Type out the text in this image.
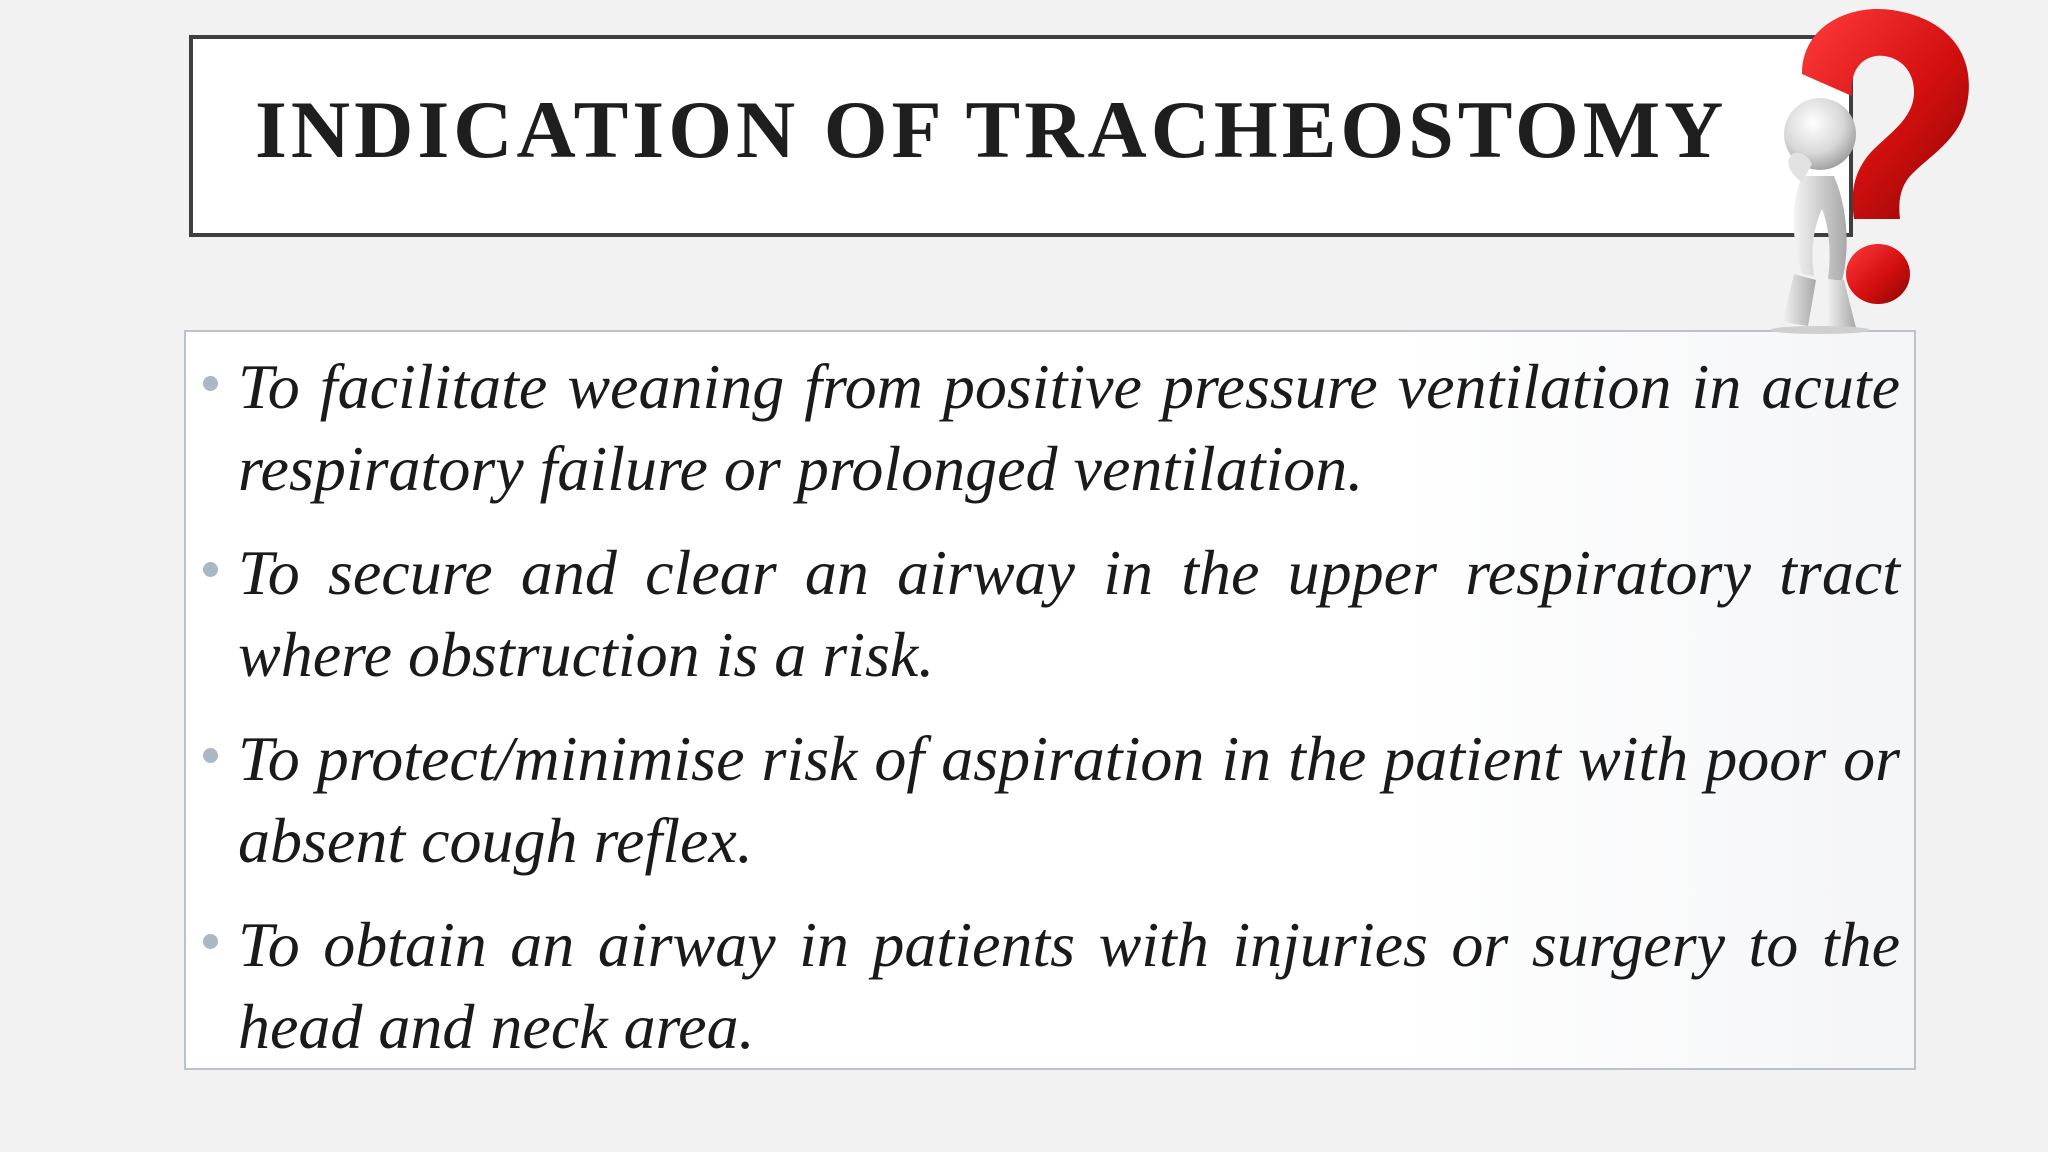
INDICATION OF TRACHEOSTOMY
To facilitate weaning from positive pressure ventilation in acute respiratory failure or prolonged ventilation.
To secure and clear an airway in the upper respiratory tract where obstruction is a risk.
To protect/minimise risk of aspiration in the patient with poor or absent cough reflex.
To obtain an airway in patients with injuries or surgery to the head and neck area.
